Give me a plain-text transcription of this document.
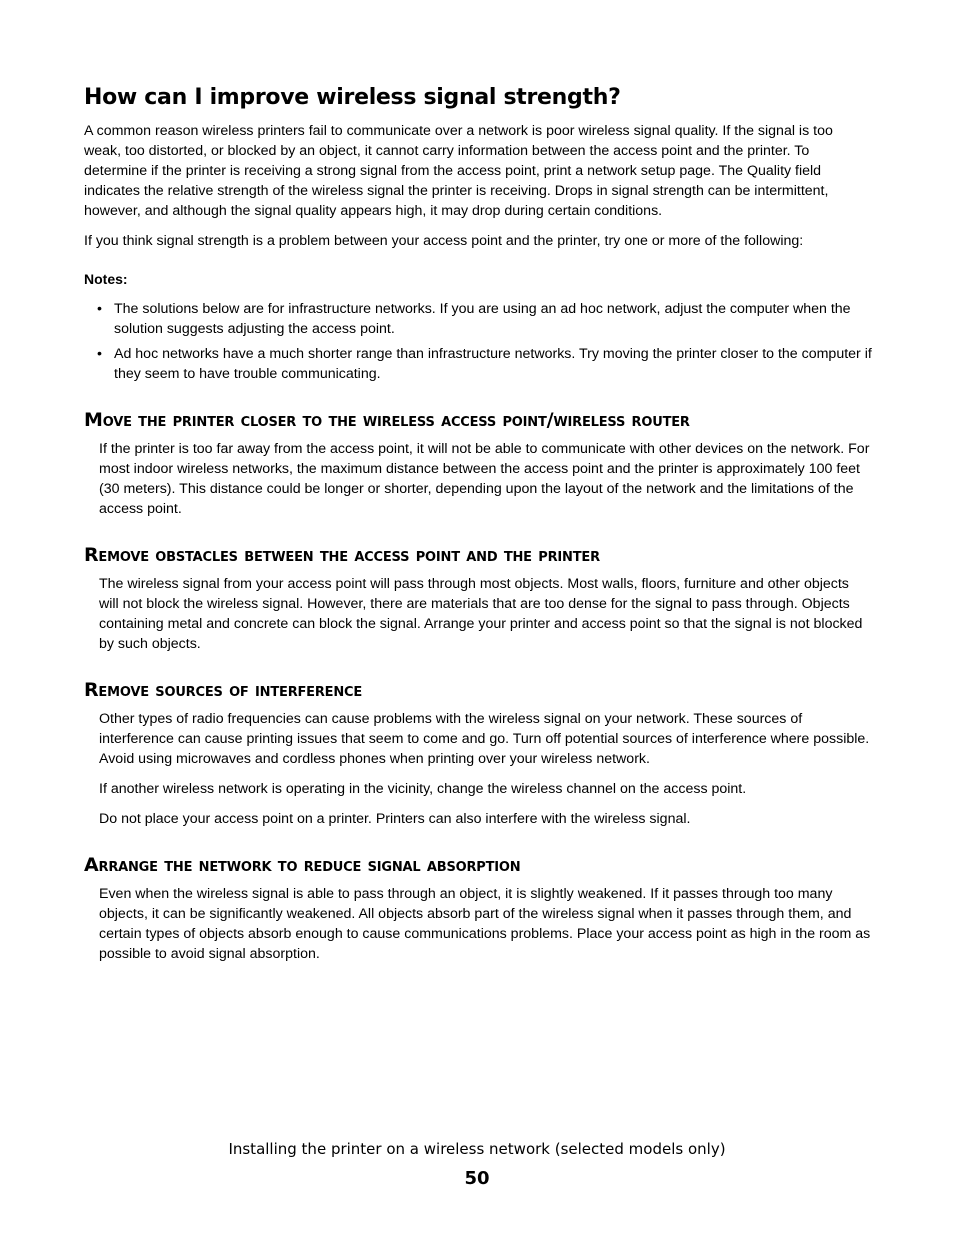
How can I improve wireless signal strength?

A common reason wireless printers fail to communicate over a network is poor wireless signal quality. If the signal is too weak, too distorted, or blocked by an object, it cannot carry information between the access point and the printer. To determine if the printer is receiving a strong signal from the access point, print a network setup page. The Quality field indicates the relative strength of the wireless signal the printer is receiving. Drops in signal strength can be intermittent, however, and although the signal quality appears high, it may drop during certain conditions.

If you think signal strength is a problem between your access point and the printer, try one or more of the following:

Notes:
• The solutions below are for infrastructure networks. If you are using an ad hoc network, adjust the computer when the solution suggests adjusting the access point.
• Ad hoc networks have a much shorter range than infrastructure networks. Try moving the printer closer to the computer if they seem to have trouble communicating.
Move the printer closer to the wireless access point/wireless router

If the printer is too far away from the access point, it will not be able to communicate with other devices on the network. For most indoor wireless networks, the maximum distance between the access point and the printer is approximately 100 feet (30 meters). This distance could be longer or shorter, depending upon the layout of the network and the limitations of the access point.

Remove obstacles between the access point and the printer

The wireless signal from your access point will pass through most objects. Most walls, floors, furniture and other objects will not block the wireless signal. However, there are materials that are too dense for the signal to pass through. Objects containing metal and concrete can block the signal. Arrange your printer and access point so that the signal is not blocked by such objects.

Remove sources of interference

Other types of radio frequencies can cause problems with the wireless signal on your network. These sources of interference can cause printing issues that seem to come and go. Turn off potential sources of interference where possible. Avoid using microwaves and cordless phones when printing over your wireless network.

If another wireless network is operating in the vicinity, change the wireless channel on the access point.

Do not place your access point on a printer. Printers can also interfere with the wireless signal.

Arrange the network to reduce signal absorption

Even when the wireless signal is able to pass through an object, it is slightly weakened. If it passes through too many objects, it can be significantly weakened. All objects absorb part of the wireless signal when it passes through them, and certain types of objects absorb enough to cause communications problems. Place your access point as high in the room as possible to avoid signal absorption.

Installing the printer on a wireless network (selected models only)
50
